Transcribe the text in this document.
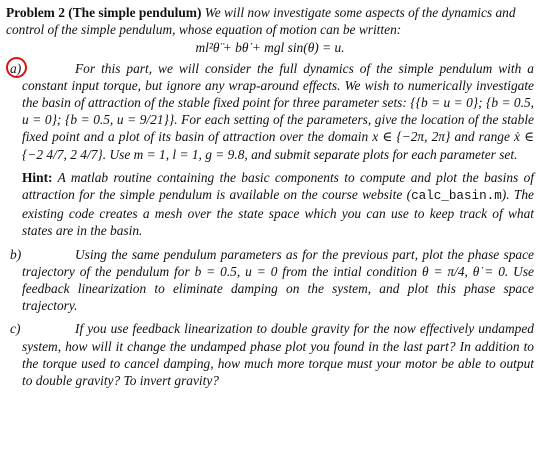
Problem 2 (The simple pendulum) We will now investigate some aspects of the dynamics and control of the simple pendulum, whose equation of motion can be written:

ml²θ̈ + bθ̇ + mgl sin(θ) = u.
a)	For this part, we will consider the full dynamics of the simple pendulum with a constant input torque, but ignore any wrap-around effects. We wish to numerically investigate the basin of attraction of the stable fixed point for three parameter sets: {{b = u = 0}; {b = 0.5, u = 0}; {b = 0.5, u = 9/21}}. For each setting of the parameters, give the location of the stable fixed point and a plot of its basin of attraction over the domain x ∈ {−2π, 2π} and range ẋ ∈ {−2 4/7, 2 4/7}. Use m = 1, l = 1, g = 9.8, and submit separate plots for each parameter set.

Hint: A matlab routine containing the basic components to compute and plot the basins of attraction for the simple pendulum is available on the course website (calc_basin.m). The existing code creates a mesh over the state space which you can use to keep track of what states are in the basin.

b)	Using the same pendulum parameters as for the previous part, plot the phase space trajectory of the pendulum for b = 0.5, u = 0 from the intial condition θ = π/4, θ̇ = 0. Use feedback linearization to eliminate damping on the system, and plot this phase space trajectory.

c)	If you use feedback linearization to double gravity for the now effectively undamped system, how will it change the undamped phase plot you found in the last part? In addition to the torque used to cancel damping, how much more torque must your motor be able to output to double gravity? To invert gravity?
